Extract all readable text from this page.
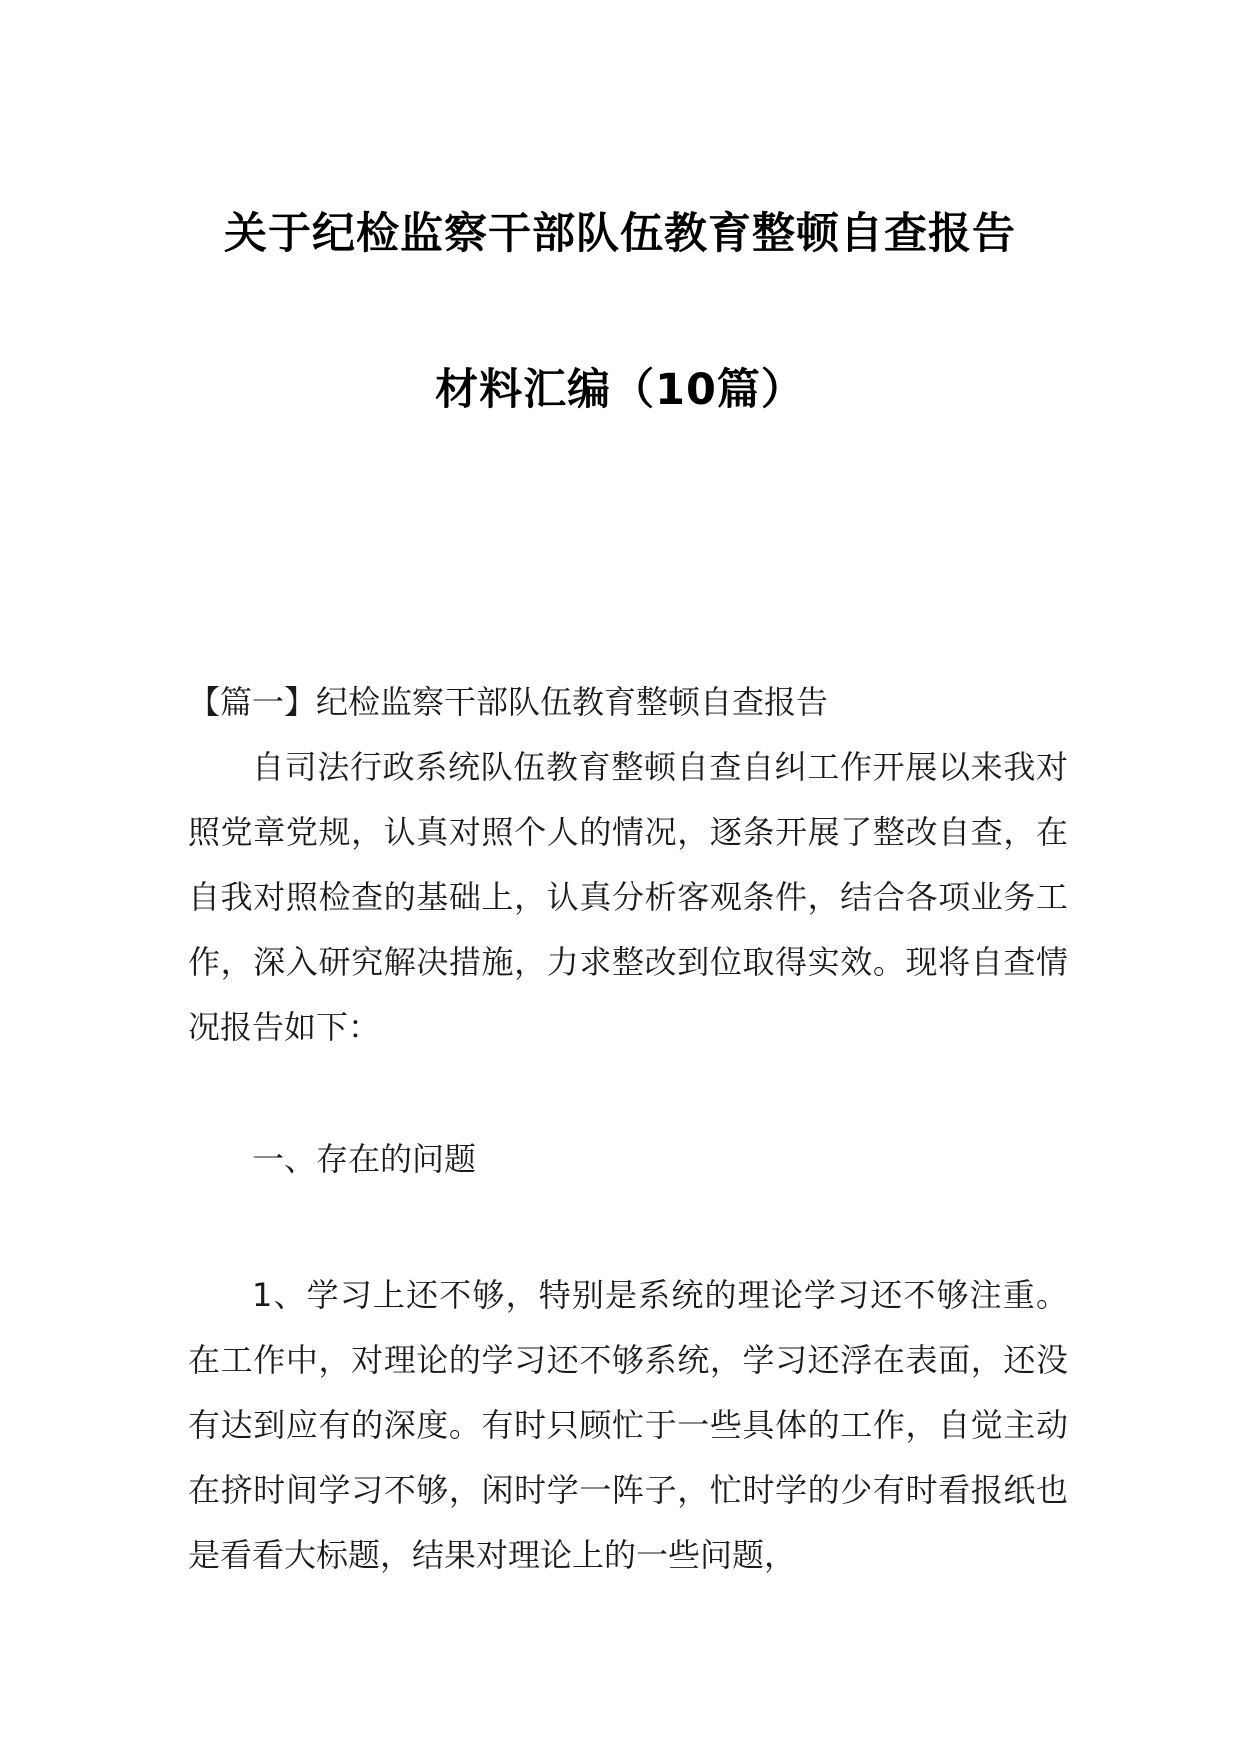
关于纪检监察干部队伍教育整顿自查报告
材料汇编（10篇）
【篇一】纪检监察干部队伍教育整顿自查报告
自司法行政系统队伍教育整顿自查自纠工作开展以来我对照党章党规，认真对照个人的情况，逐条开展了整改自查，在自我对照检查的基础上，认真分析客观条件，结合各项业务工作，深入研究解决措施，力求整改到位取得实效。现将自查情况报告如下：
一、存在的问题
1、学习上还不够，特别是系统的理论学习还不够注重。在工作中，对理论的学习还不够系统，学习还浮在表面，还没有达到应有的深度。有时只顾忙于一些具体的工作，自觉主动在挤时间学习不够，闲时学一阵子，忙时学的少有时看报纸也是看看大标题，结果对理论上的一些问题，
